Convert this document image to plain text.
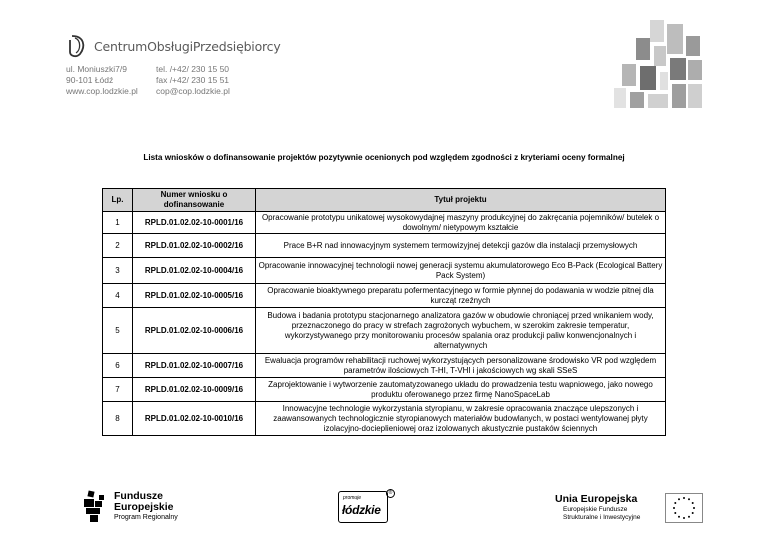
CentrumObsługiPrzedsiębiorcy
ul. Moniuszki7/9
90-101 Łódź
www.cop.lodzkie.pl
tel. /+42/ 230 15 50
fax /+42/ 230 15 51
cop@cop.lodzkie.pl
Lista wniosków o dofinansowanie projektów pozytywnie ocenionych pod względem zgodności z kryteriami oceny formalnej
Lp.	Numer wniosku o dofinansowanie	Tytuł projektu
1	RPLD.01.02.02-10-0001/16	Opracowanie prototypu unikatowej wysokowydajnej maszyny produkcyjnej do zakręcania pojemników/ butelek o dowolnym/ nietypowym kształcie
2	RPLD.01.02.02-10-0002/16	Prace B+R nad innowacyjnym systemem termowizyjnej detekcji gazów dla instalacji przemysłowych
3	RPLD.01.02.02-10-0004/16	Opracowanie innowacyjnej technologii nowej generacji systemu akumulatorowego Eco B-Pack (Ecological Battery Pack System)
4	RPLD.01.02.02-10-0005/16	Opracowanie bioaktywnego preparatu pofermentacyjnego w formie płynnej do podawania w wodzie pitnej dla kurcząt rzeźnych
5	RPLD.01.02.02-10-0006/16	Budowa i badania prototypu stacjonarnego analizatora gazów w obudowie chroniącej przed wnikaniem wody, przeznaczonego do pracy w strefach zagrożonych wybuchem, w szerokim zakresie temperatur, wykorzystywanego przy monitorowaniu procesów spalania oraz produkcji paliw konwencjonalnych i alternatywnych
6	RPLD.01.02.02-10-0007/16	Ewaluacja programów rehabilitacji ruchowej wykorzystujących personalizowane środowisko VR pod względem parametrów ilościowych T-HI, T-VHI i jakościowych wg skali SSeS
7	RPLD.01.02.02-10-0009/16	Zaprojektowanie i wytworzenie zautomatyzowanego układu do prowadzenia testu wapniowego, jako nowego produktu oferowanego przez firmę NanoSpaceLab
8	RPLD.01.02.02-10-0010/16	Innowacyjne technologie wykorzystania styropianu, w zakresie opracowania znaczące ulepszonych i zaawansowanych technologicznie styropianowych materiałów budowlanych, w postaci wentylowanej płyty izolacyjno-docieplieniowej oraz izolowanych akustycznie pustaków ściennych
Fundusze
Europejskie
Program Regionalny
promuje
łódzkie
®	Unia Europejska
Europejskie Fundusze
Strukturalne i Inwestycyjne
